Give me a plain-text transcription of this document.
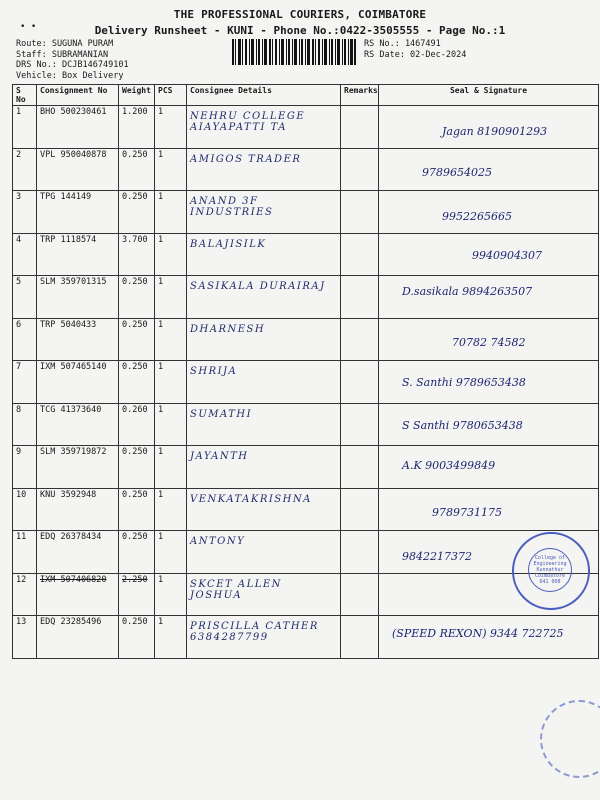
• •
THE PROFESSIONAL COURIERS, COIMBATORE
Delivery Runsheet - KUNI - Phone No.:0422-3505555 - Page No.:1
Route: SUGUNA PURAM
Staff: SUBRAMANIAN
DRS No.: DCJB146749101
Vehicle: Box Delivery
RS No.: 1467491
RS Date: 02-Dec-2024
S No	Consignment No	Weight	PCS	Consignee Details	Remarks	Seal & Signature
1	BHO 500230461	1.200	1	NEHRU COLLEGE AIAYAPATTI TA		Jagan 8190901293

2	VPL 950040878	0.250	1	AMIGOS TRADER		9789654025

3	TPG 144149	0.250	1	ANAND 3F INDUSTRIES		9952265665

4	TRP 1118574	3.700	1	BALAJISILK		9940904307

5	SLM 359701315	0.250	1	SASIKALA DURAIRAJ		D.sasikala 9894263507

6	TRP 5040433	0.250	1	DHARNESH		70782 74582

7	IXM 507465140	0.250	1	SHRIJA		S. Santhi 9789653438

8	TCG 41373640	0.260	1	SUMATHI		S Santhi 9780653438

9	SLM 359719872	0.250	1	JAYANTH		A.K 9003499849

10	KNU 3592948	0.250	1	VENKATAKRISHNA		9789731175

11	EDQ 26378434	0.250	1	ANTONY		9842217372

12	IXM 507406820	2.250	1	SKCET ALLEN JOSHUA		

13	EDQ 23285496	0.250	1	PRISCILLA CATHER 6384287799		(SPEED REXON) 9344 722725
College of Engineering Kunnathur Coimbatore 641 008
